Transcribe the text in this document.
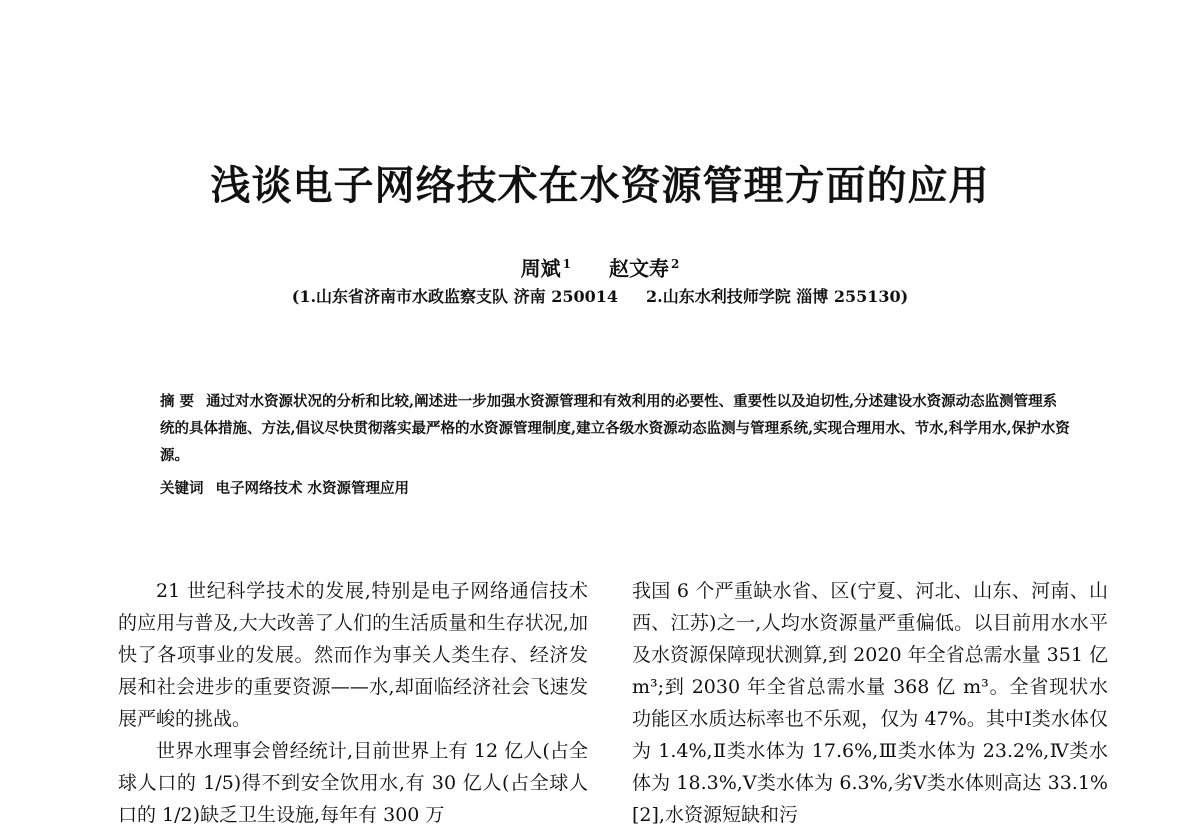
浅谈电子网络技术在水资源管理方面的应用
周斌 $^1$ 赵文寿 $^2$
(1.山东省济南市水政监察支队 济南 250014 2.山东水利技师学院 淄博 255130)
摘 要 通过对水资源状况的分析和比较,阐述进一步加强水资源管理和有效利用的必要性、重要性以及迫切性,分述建设水资源动态监测管理系统的具体措施、方法,倡议尽快贯彻落实最严格的水资源管理制度,建立各级水资源动态监测与管理系统,实现合理用水、节水,科学用水,保护水资源。
关键词 电子网络技术 水资源管理应用

21 世纪科学技术的发展,特别是电子网络通信技术的应用与普及,大大改善了人们的生活质量和生存状况,加快了各项事业的发展。然而作为事关人类生存、经济发展和社会进步的重要资源——水,却面临经济社会飞速发展严峻的挑战。

世界水理事会曾经统计,目前世界上有 12 亿人(占全球人口的 1/5)得不到安全饮用水,有 30 亿人(占全球人口的 1/2)缺乏卫生设施,每年有 300 万

我国 6 个严重缺水省、区(宁夏、河北、山东、河南、山西、江苏)之一,人均水资源量严重偏低。以目前用水水平及水资源保障现状测算,到 2020 年全省总需水量 351 亿 m³;到 2030 年全省总需水量 368 亿 m³。全省现状水功能区水质达标率也不乐观，仅为 47%。其中Ⅰ类水体仅为 1.4%,Ⅱ类水体为 17.6%,Ⅲ类水体为 23.2%,Ⅳ类水体为 18.3%,Ⅴ类水体为 6.3%,劣Ⅴ类水体则高达 33.1%[2],水资源短缺和污
